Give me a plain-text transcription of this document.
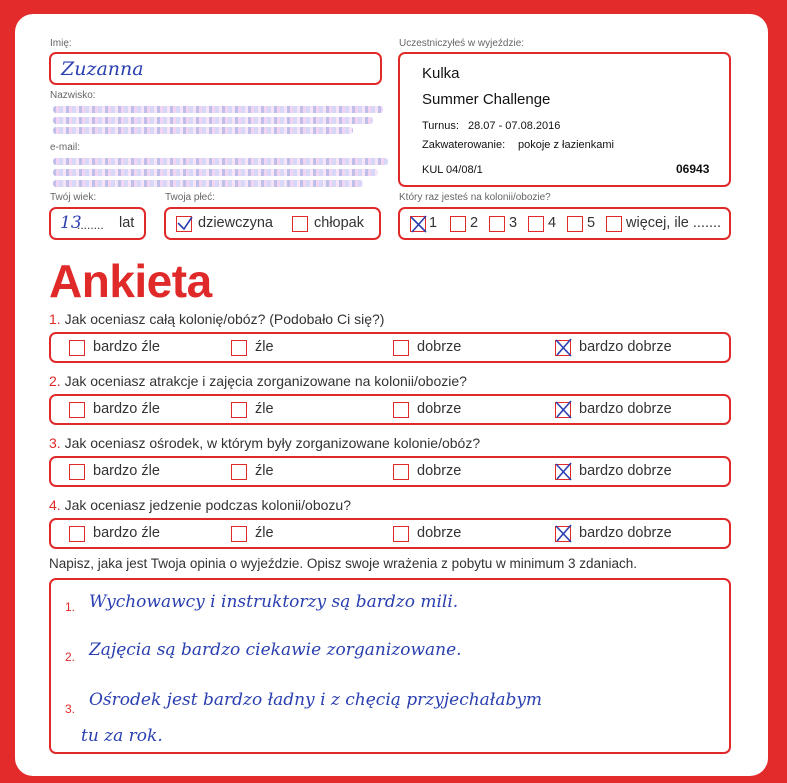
Imię:
Zuzanna
Nazwisko:
e-mail:
Twój wiek:
13
........ lat
Twoja płeć:
dziewczyna	chłopak
Uczestniczyłeś w wyjeździe:
Kulka
Summer Challenge
Turnus: 28.07 - 07.08.2016
Zakwaterowanie: pokoje z łazienkami
KUL 04/08/1	06943
Który raz jesteś na kolonii/obozie?
1 2 3 4 5 więcej, ile .......
Ankieta
1. Jak oceniasz całą kolonię/obóz? (Podobało Ci się?)
bardzo źle	źle	dobrze	bardzo dobrze
2. Jak oceniasz atrakcje i zajęcia zorganizowane na kolonii/obozie?
bardzo źle	źle	dobrze	bardzo dobrze
3. Jak oceniasz ośrodek, w którym były zorganizowane kolonie/obóz?
bardzo źle	źle	dobrze	bardzo dobrze
4. Jak oceniasz jedzenie podczas kolonii/obozu?
bardzo źle	źle	dobrze	bardzo dobrze
Napisz, jaka jest Twoja opinia o wyjeździe. Opisz swoje wrażenia z pobytu w minimum 3 zdaniach.
1. Wychowawcy i instruktorzy są bardzo mili.
2. Zajęcia są bardzo ciekawie zorganizowane.
3. Ośrodek jest bardzo ładny i z chęcią przyjechałabym
tu za rok.
